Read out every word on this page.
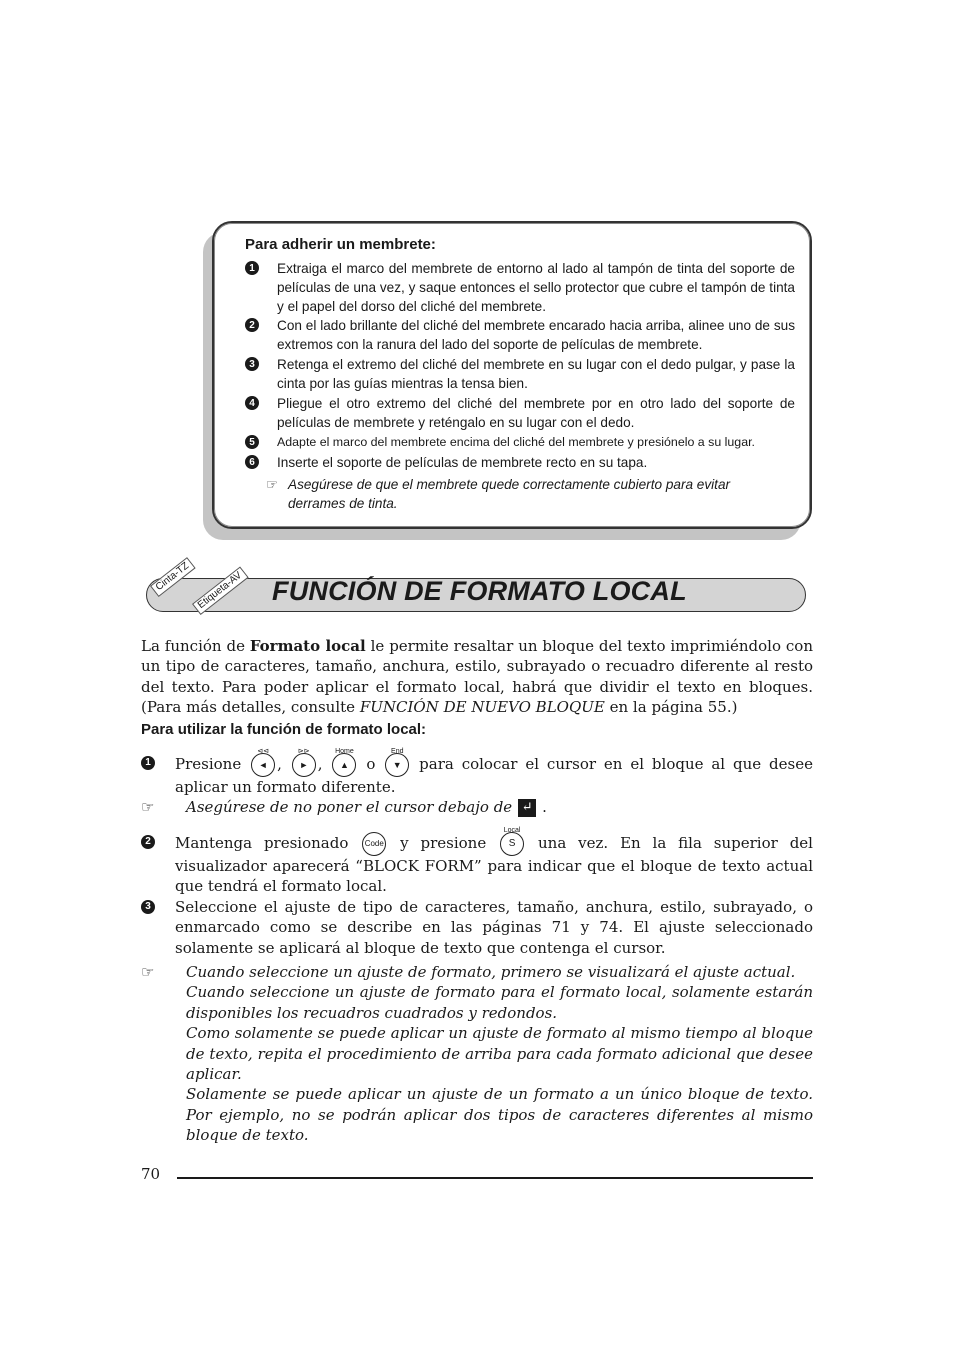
Para adherir un membrete:
1	Extraiga el marco del membrete de entorno al lado al tampón de tinta del soporte de películas de una vez, y saque entonces el sello protector que cubre el tampón de tinta y el papel del dorso del cliché del membrete.
2	Con el lado brillante del cliché del membrete encarado hacia arriba, alinee uno de sus extremos con la ranura del lado del soporte de películas de membrete.
3	Retenga el extremo del cliché del membrete en su lugar con el dedo pulgar, y pase la cinta por las guías mientras la tensa bien.
4	Pliegue el otro extremo del cliché del membrete por en otro lado del soporte de películas de membrete y reténgalo en su lugar con el dedo.
5	Adapte el marco del membrete encima del cliché del membrete y presiónelo a su lugar.
6	Inserte el soporte de películas de membrete recto en su tapa.
☞ Asegúrese de que el membrete quede correctamente cubierto para evitar derrames de tinta.
Cinta-TZ Etiqueta-AV FUNCIÓN DE FORMATO LOCAL
La función de Formato local le permite resaltar un bloque del texto imprimiéndolo con un tipo de caracteres, tamaño, anchura, estilo, subrayado o recuadro diferente al resto del texto. Para poder aplicar el formato local, habrá que dividir el texto en bloques. (Para más detalles, consulte FUNCIÓN DE NUEVO BLOQUE en la página 55.)
Para utilizar la función de formato local:
1 Presione
⊲⊲
◄ ,
⊳⊳
► ,
Home
▲ o
End
▼ para colocar el cursor en el bloque al que desee aplicar un formato diferente.
☞	Asegúrese de no poner el cursor debajo de ↵ .
2 Mantenga presionado Code y presione
Local
S una vez. En la fila superior del visualizador aparecerá “BLOCK FORM” para indicar que el bloque de texto actual que tendrá el formato local.
3 Seleccione el ajuste de tipo de caracteres, tamaño, anchura, estilo, subrayado, o enmarcado como se describe en las páginas 71 y 74. El ajuste seleccionado solamente se aplicará al bloque de texto que contenga el cursor.
☞	Cuando seleccione un ajuste de formato, primero se visualizará el ajuste actual.
Cuando seleccione un ajuste de formato para el formato local, solamente estarán disponibles los recuadros cuadrados y redondos.
Como solamente se puede aplicar un ajuste de formato al mismo tiempo al bloque de texto, repita el procedimiento de arriba para cada formato adicional que desee aplicar.
Solamente se puede aplicar un ajuste de un formato a un único bloque de texto. Por ejemplo, no se podrán aplicar dos tipos de caracteres diferentes al mismo bloque de texto.
70
